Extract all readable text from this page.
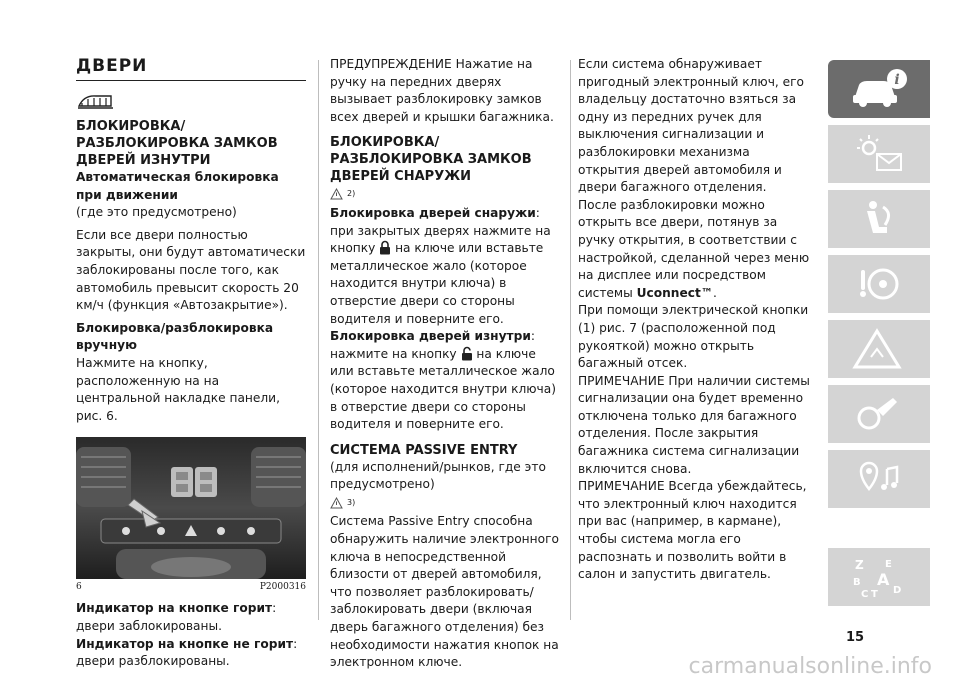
ДВЕРИ
БЛОКИРОВКА/РАЗБЛОКИРОВКА ЗАМКОВ ДВЕРЕЙ ИЗНУТРИ
Автоматическая блокировка при движении

(где это предусмотрено)

Если все двери полностью закрыты, они будут автоматически заблокированы после того, как автомобиль превысит скорость 20 км/ч (функция «Автозакрытие»).

Блокировка/разблокировка вручную

Нажмите на кнопку, расположенную на на центральной накладке панели, рис. 6.

6	P2000316

Индикатор на кнопке горит: двери заблокированы.

Индикатор на кнопке не горит: двери разблокированы.

ПРЕДУПРЕЖДЕНИЕ Нажатие на ручку на передних дверях вызывает разблокировку замков всех дверей и крышки багажника.

БЛОКИРОВКА/РАЗБЛОКИРОВКА ЗАМКОВ ДВЕРЕЙ СНАРУЖИ
$^{2)}$

Блокировка дверей снаружи: при закрытых дверях нажмите на кнопку на ключе или вставьте металлическое жало (которое находится внутри ключа) в отверстие двери со стороны водителя и поверните его.

Блокировка дверей изнутри: нажмите на кнопку на ключе или вставьте металлическое жало (которое находится внутри ключа) в отверстие двери со стороны водителя и поверните его.

СИСТЕМА PASSIVE ENTRY

(для исполнений/рынков, где это предусмотрено)

$^{3)}$

Система Passive Entry способна обнаружить наличие электронного ключа в непосредственной близости от дверей автомобиля, что позволяет разблокировать/заблокировать двери (включая дверь багажного отделения) без необходимости нажатия кнопок на электронном ключе.

Если система обнаруживает пригодный электронный ключ, его владельцу достаточно взяться за одну из передних ручек для выключения сигнализации и разблокировки механизма открытия дверей автомобиля и двери багажного отделения.

После разблокировки можно открыть все двери, потянув за ручку открытия, в соответствии с настройкой, сделанной через меню на дисплее или посредством системы Uconnect™.

При помощи электрической кнопки (1) рис. 7 (расположенной под рукояткой) можно открыть багажный отсек.

ПРИМЕЧАНИЕ При наличии системы сигнализации она будет временно отключена только для багажного отделения. После закрытия багажника система сигнализации включится снова.

ПРИМЕЧАНИЕ Всегда убеждайтесь, что электронный ключ находится при вас (например, в кармане), чтобы система могла его распознать и позволить войти в салон и запустить двигатель.

i
Z E
B A
C T D
15
carmanualsonline.info
